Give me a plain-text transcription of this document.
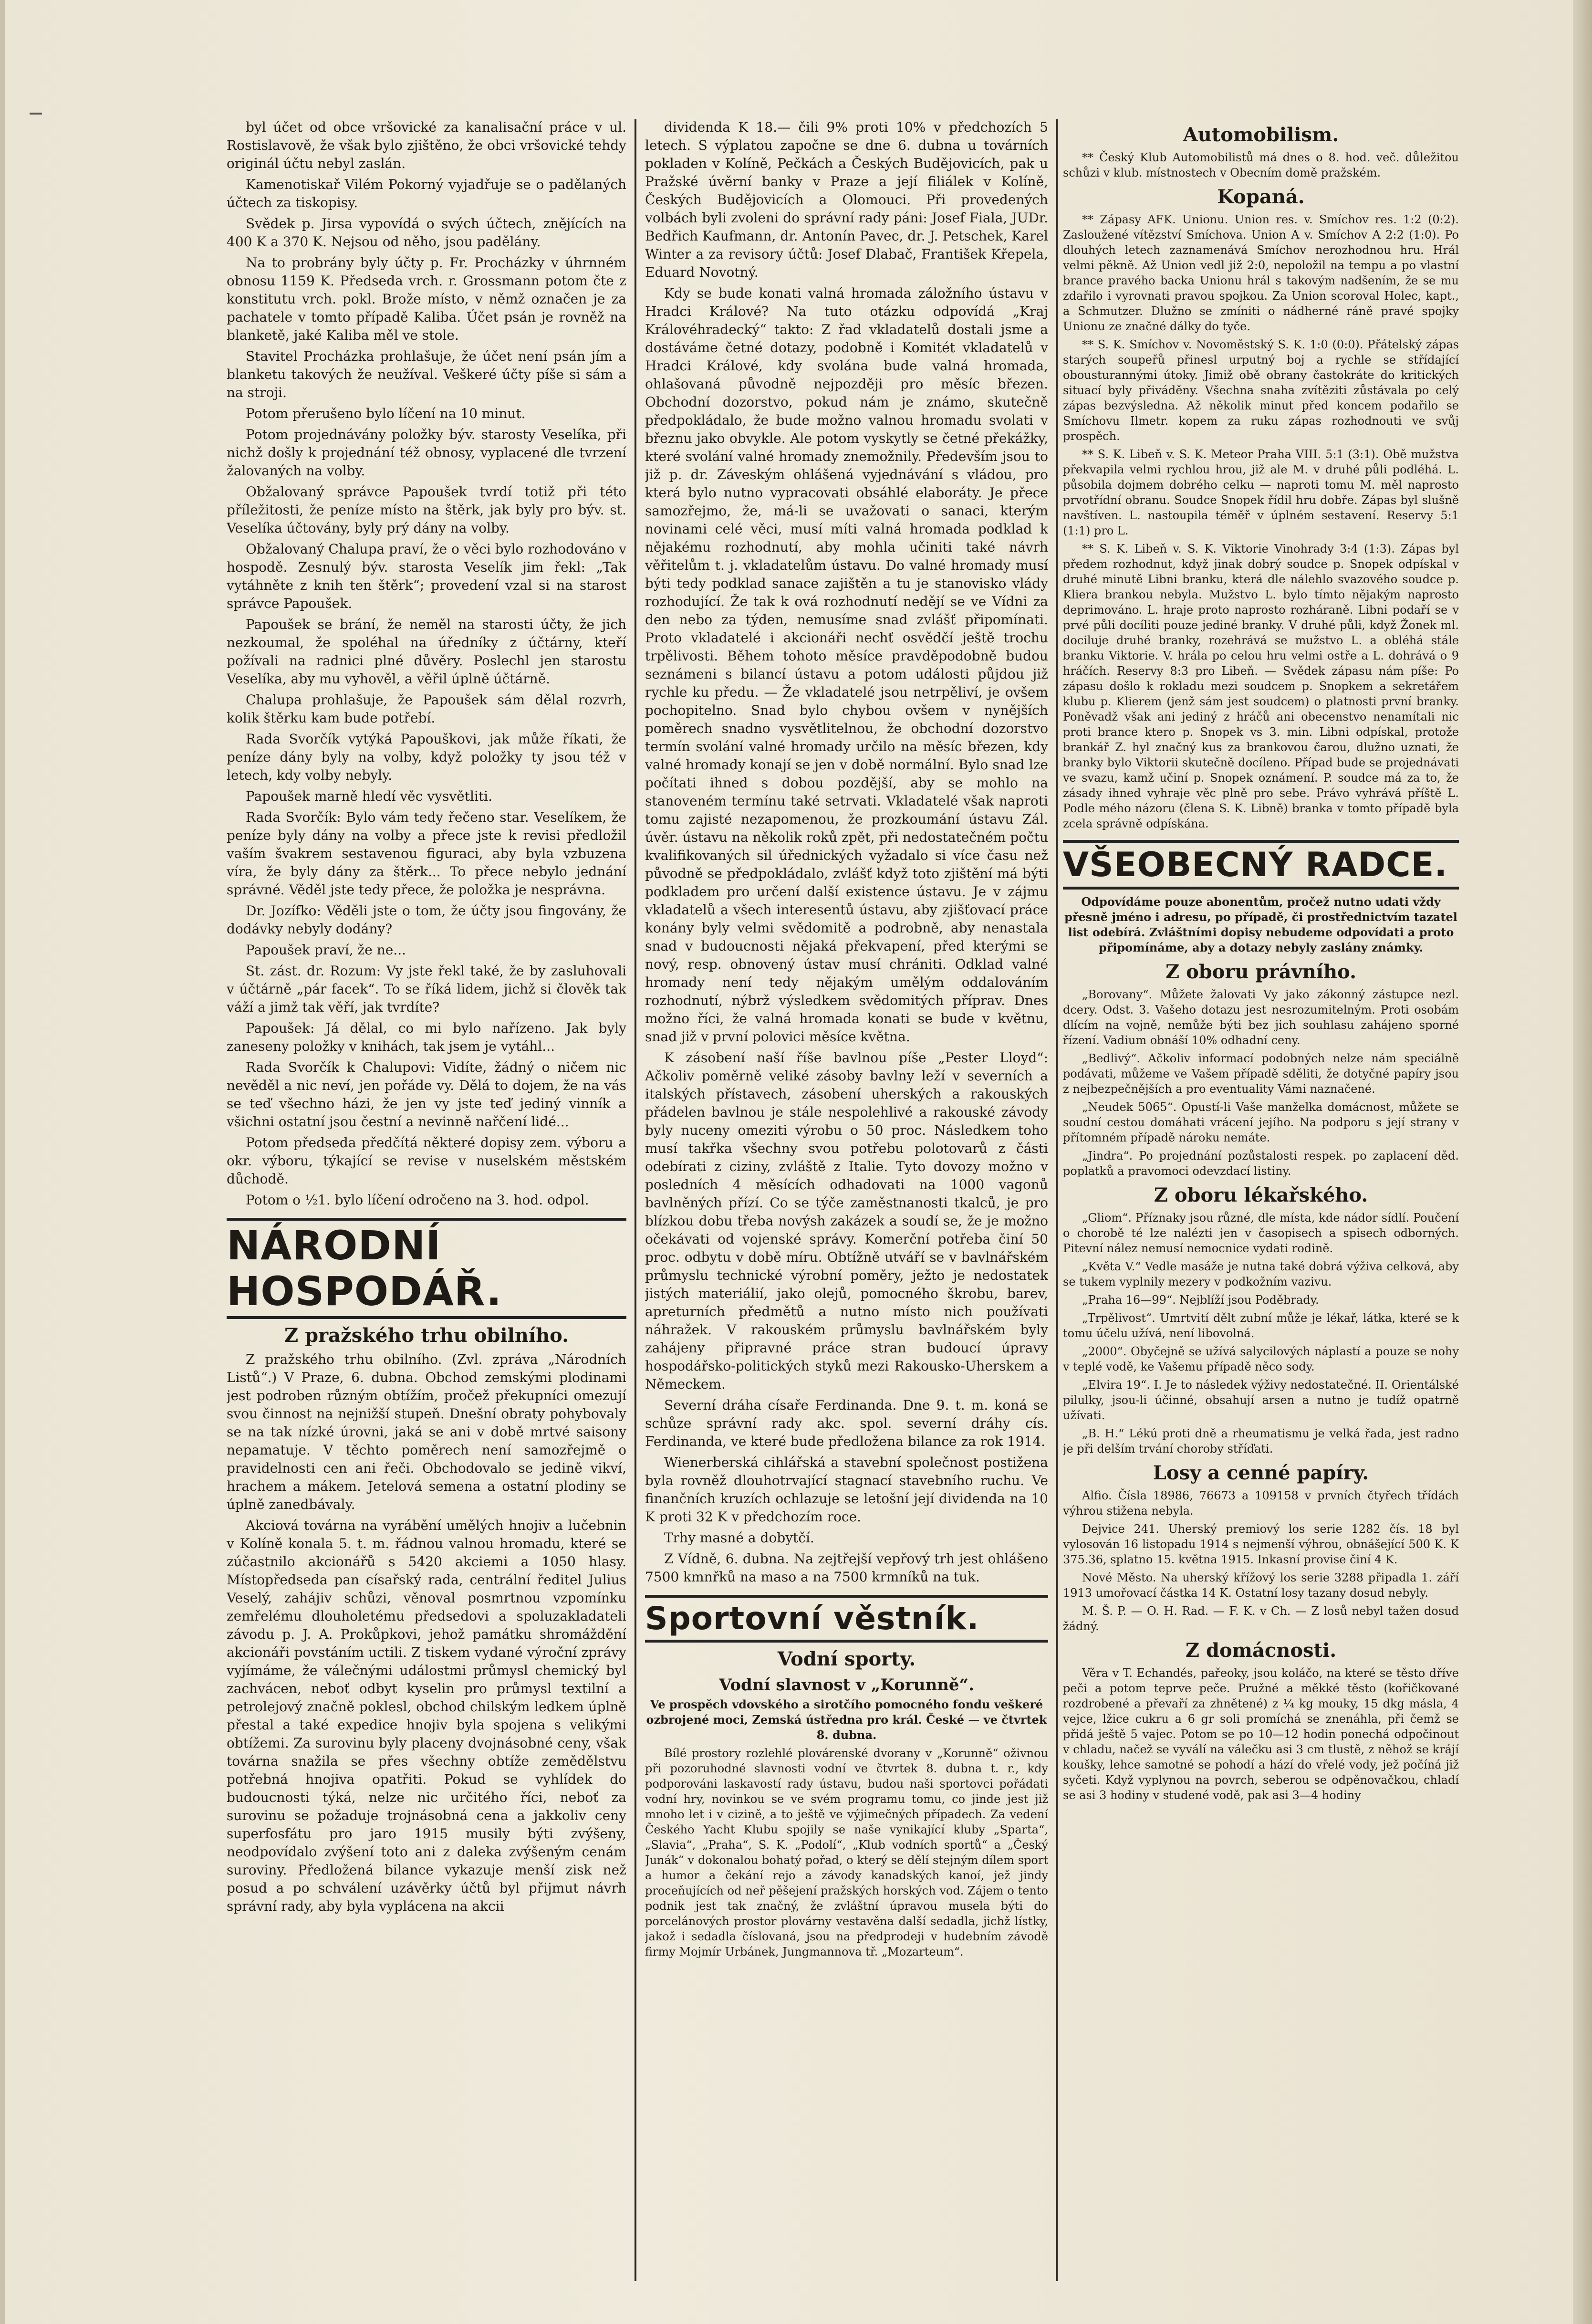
byl účet od obce vršovické za kanalisační práce v ul. Rostislavově, že však bylo zjištěno, že obci vršovické tehdy originál účtu nebyl zaslán.

Kamenotiskař Vilém Pokorný vyjadřuje se o padělaných účtech za tiskopisy.

Svědek p. Jirsa vypovídá o svých účtech, znějících na 400 K a 370 K. Nejsou od něho, jsou padělány.

Na to probrány byly účty p. Fr. Procházky v úhrnném obnosu 1159 K. Předseda vrch. r. Grossmann potom čte z konstitutu vrch. pokl. Brože místo, v němž označen je za pachatele v tomto případě Kaliba. Účet psán je rovněž na blanketě, jaké Kaliba měl ve stole.

Stavitel Procházka prohlašuje, že účet není psán jím a blanketu takových že neužíval. Veškeré účty píše si sám a na stroji.

Potom přerušeno bylo líčení na 10 minut.

Potom projednávány položky býv. starosty Veselíka, při nichž došly k projednání též obnosy, vyplacené dle tvrzení žalovaných na volby.

Obžalovaný správce Papoušek tvrdí totiž při této příležitosti, že peníze místo na štěrk, jak byly pro býv. st. Veselíka účtovány, byly prý dány na volby.

Obžalovaný Chalupa praví, že o věci bylo rozhodováno v hospodě. Zesnulý býv. starosta Veselík jim řekl: „Tak vytáhněte z knih ten štěrk“; provedení vzal si na starost správce Papoušek.

Papoušek se brání, že neměl na starosti účty, že jich nezkoumal, že spoléhal na úředníky z účtárny, kteří požívali na radnici plné důvěry. Poslechl jen starostu Veselíka, aby mu vyhověl, a věřil úplně účtárně.

Chalupa prohlašuje, že Papoušek sám dělal rozvrh, kolik štěrku kam bude potřebí.

Rada Svorčík vytýká Papouškovi, jak může říkati, že peníze dány byly na volby, když položky ty jsou též v letech, kdy volby nebyly.

Papoušek marně hledí věc vysvětliti.

Rada Svorčík: Bylo vám tedy řečeno star. Veselíkem, že peníze byly dány na volby a přece jste k revisi předložil vaším švakrem sestavenou figuraci, aby byla vzbuzena víra, že byly dány za štěrk... To přece nebylo jednání správné. Věděl jste tedy přece, že položka je nesprávna.

Dr. Jozífko: Věděli jste o tom, že účty jsou fingovány, že dodávky nebyly dodány?

Papoušek praví, že ne...

St. zást. dr. Rozum: Vy jste řekl také, že by zasluhovali v účtárně „pár facek“. To se říká lidem, jichž si člověk tak váží a jimž tak věří, jak tvrdíte?

Papoušek: Já dělal, co mi bylo nařízeno. Jak byly zaneseny položky v knihách, tak jsem je vytáhl...

Rada Svorčík k Chalupovi: Vidíte, žádný o ničem nic nevěděl a nic neví, jen pořáde vy. Dělá to dojem, že na vás se teď všechno házi, že jen vy jste teď jediný vinník a všichni ostatní jsou čestní a nevinně nařčení lidé...

Potom předseda předčítá některé dopisy zem. výboru a okr. výboru, týkající se revise v nuselském městském důchodě.

Potom o ½1. bylo líčení odročeno na 3. hod. odpol.

NÁRODNÍ HOSPODÁŘ.
Z pražského trhu obilního.

Z pražského trhu obilního. (Zvl. zpráva „Národních Listů“.) V Praze, 6. dubna. Obchod zemskými plodinami jest podroben různým obtížím, pročež překupníci omezují svou činnost na nejnižší stupeň. Dnešní obraty pohybovaly se na tak nízké úrovni, jaká se ani v době mrtvé saisony nepamatuje. V těchto poměrech není samozřejmě o pravidelnosti cen ani řeči. Obchodovalo se jedině vikví, hrachem a mákem. Jetelová semena a ostatní plodiny se úplně zanedbávaly.

Akciová továrna na vyrábění umělých hnojiv a lučebnin v Kolíně konala 5. t. m. řádnou valnou hromadu, které se zúčastnilo akcionářů s 5420 akciemi a 1050 hlasy. Místopředseda pan císařský rada, centrální ředitel Julius Veselý, zahájiv schůzi, věnoval posmrtnou vzpomínku zemřelému dlouholetému předsedovi a spoluzakladateli závodu p. J. A. Prokůpkovi, jehož památku shromáždění akcionáři povstáním uctili. Z tiskem vydané výroční zprávy vyjímáme, že válečnými událostmi průmysl chemický byl zachvácen, neboť odbyt kyselin pro průmysl textilní a petrolejový značně poklesl, obchod chilským ledkem úplně přestal a také expedice hnojiv byla spojena s velikými obtížemi. Za surovinu byly placeny dvojnásobné ceny, však továrna snažila se přes všechny obtíže zemědělstvu potřebná hnojiva opatřiti. Pokud se vyhlídek do budoucnosti týká, nelze nic určitého říci, neboť za surovinu se požaduje trojnásobná cena a jakkoliv ceny superfosfátu pro jaro 1915 musily býti zvýšeny, neodpovídalo zvýšení toto ani z daleka zvýšeným cenám suroviny. Předložená bilance vykazuje menší zisk než posud a po schválení uzávěrky účtů byl přijmut návrh správní rady, aby byla vyplácena na akcii

dividenda K 18.— čili 9% proti 10% v předchozích 5 letech. S výplatou započne se dne 6. dubna u továrních pokladen v Kolíně, Pečkách a Českých Budějovicích, pak u Pražské úvěrní banky v Praze a její filiálek v Kolíně, Českých Budějovicích a Olomouci. Při provedených volbách byli zvoleni do správní rady páni: Josef Fiala, JUDr. Bedřich Kaufmann, dr. Antonín Pavec, dr. J. Petschek, Karel Winter a za revisory účtů: Josef Dlabač, František Křepela, Eduard Novotný.

Kdy se bude konati valná hromada záložního ústavu v Hradci Králové? Na tuto otázku odpovídá „Kraj Královéhradecký“ takto: Z řad vkladatelů dostali jsme a dostáváme četné dotazy, podobně i Komitét vkladatelů v Hradci Králové, kdy svolána bude valná hromada, ohlašovaná původně nejpozději pro měsíc březen. Obchodní dozorstvo, pokud nám je známo, skutečně předpokládalo, že bude možno valnou hromadu svolati v březnu jako obvykle. Ale potom vyskytly se četné překážky, které svolání valné hromady znemožnily. Především jsou to již p. dr. Záveským ohlášená vyjednávání s vládou, pro která bylo nutno vypracovati obsáhlé elaboráty. Je přece samozřejmo, že, má-li se uvažovati o sanaci, kterým novinami celé věci, musí míti valná hromada podklad k nějakému rozhodnutí, aby mohla učiniti také návrh věřitelům t. j. vkladatelům ústavu. Do valné hromady musí býti tedy podklad sanace zajištěn a tu je stanovisko vlády rozhodující. Že tak k ová rozhodnutí nedějí se ve Vídni za den nebo za týden, nemusíme snad zvlášť připomínati. Proto vkladatelé i akcionáři nechť osvědčí ještě trochu trpělivosti. Během tohoto měsíce pravděpodobně budou seznámeni s bilancí ústavu a potom události půjdou již rychle ku předu. — Že vkladatelé jsou netrpěliví, je ovšem pochopitelno. Snad bylo chybou ovšem v nynějších poměrech snadno vysvětlitelnou, že obchodní dozorstvo termín svolání valné hromady určilo na měsíc březen, kdy valné hromady konají se jen v době normální. Bylo snad lze počítati ihned s dobou pozdější, aby se mohlo na stanoveném termínu také setrvati. Vkladatelé však naproti tomu zajisté nezapomenou, že prozkoumání ústavu Zál. úvěr. ústavu na několik roků zpět, při nedostatečném počtu kvalifikovaných sil úřednických vyžadalo si více času než původně se předpokládalo, zvlášť když toto zjištění má býti podkladem pro určení další existence ústavu. Je v zájmu vkladatelů a všech interesentů ústavu, aby zjišťovací práce konány byly velmi svědomitě a podrobně, aby nenastala snad v budoucnosti nějaká překvapení, před kterými se nový, resp. obnovený ústav musí chrániti. Odklad valné hromady není tedy nějakým umělým oddalováním rozhodnutí, nýbrž výsledkem svědomitých příprav. Dnes možno říci, že valná hromada konati se bude v květnu, snad již v první polovici měsíce května.

K zásobení naší říše bavlnou píše „Pester Lloyd“: Ačkoliv poměrně veliké zásoby bavlny leží v severních a italských přístavech, zásobení uherských a rakouských přádelen bavlnou je stále nespolehlivé a rakouské závody byly nuceny omeziti výrobu o 50 proc. Následkem toho musí takřka všechny svou potřebu polotovarů z části odebírati z ciziny, zvláště z Italie. Tyto dovozy možno v posledních 4 měsících odhadovati na 1000 vagonů bavlněných přízí. Co se týče zaměstnanosti tkalců, je pro blízkou dobu třeba novýsh zakázek a soudí se, že je možno očekávati od vojenské správy. Komerční potřeba činí 50 proc. odbytu v době míru. Obtížně utváří se v bavlnářském průmyslu technické výrobní poměry, ježto je nedostatek jistých materiálií, jako olejů, pomocného škrobu, barev, apreturních předmětů a nutno místo nich používati náhražek. V rakouském průmyslu bavlnářském byly zahájeny připravné práce stran budoucí úpravy hospodářsko-politických styků mezi Rakousko-Uherskem a Německem.

Severní dráha císaře Ferdinanda. Dne 9. t. m. koná se schůze správní rady akc. spol. severní dráhy cís. Ferdinanda, ve které bude předložena bilance za rok 1914.

Wienerberská cihlářská a stavební společnost postižena byla rovněž dlouhotrvající stagnací stavebního ruchu. Ve finančních kruzích ochlazuje se letošní její dividenda na 10 K proti 32 K v předchozím roce.

Trhy masné a dobytčí.

Z Vídně, 6. dubna. Na zejtřejší vepřový trh jest ohlášeno 7500 kmnřků na maso a na 7500 krmníků na tuk.

Sportovní věstník.
Vodní sporty.
Vodní slavnost v „Korunně“.

Ve prospěch vdovského a sirotčího pomocného fondu veškeré ozbrojené moci, Zemská ústředna pro král. České — ve čtvrtek 8. dubna.

Bílé prostory rozlehlé plovárenské dvorany v „Korunně“ oživnou při pozoruhodné slavnosti vodní ve čtvrtek 8. dubna t. r., kdy podporováni laskavostí rady ústavu, budou naši sportovci pořádati vodní hry, novinkou se ve svém programu tomu, co jinde jest již mnoho let i v cizině, a to ještě ve výjimečných případech. Za vedení Českého Yacht Klubu spojily se naše vynikající kluby „Sparta“, „Slavia“, „Praha“, S. K. „Podolí“, „Klub vodních sportů“ a „Český Junák“ v dokonalou bohatý pořad, o který se dělí stejným dílem sport a humor a čekání rejo a závody kanadských kanoí, jež jindy proceňujících od neř pěšejení pražských horských vod. Zájem o tento podnik jest tak značný, že zvláštní úpravou musela býti do porcelánových prostor plovárny vestavěna další sedadla, jichž lístky, jakož i sedadla číslovaná, jsou na předprodeji v hudebním závodě firmy Mojmír Urbánek, Jungmannova tř. „Mozarteum“.

Automobilism.

** Český Klub Automobilistů má dnes o 8. hod. več. důležitou schůzi v klub. místnostech v Obecním domě pražském.

Kopaná.

** Zápasy AFK. Unionu. Union res. v. Smíchov res. 1:2 (0:2). Zasloužené vítězství Smíchova. Union A v. Smíchov A 2:2 (1:0). Po dlouhých letech zaznamenává Smíchov nerozhodnou hru. Hrál velmi pěkně. Až Union vedl již 2:0, nepoložil na tempu a po vlastní brance pravého backa Unionu hrál s takovým nadšením, že se mu zdařilo i vyrovnati pravou spojkou. Za Union scoroval Holec, kapt., a Schmutzer. Dlužno se zmíniti o nádherné ráně pravé spojky Unionu ze značné dálky do tyče.

** S. K. Smíchov v. Novoměstský S. K. 1:0 (0:0). Přátelský zápas starých soupeřů přinesl urputný boj a rychle se střídající obousturannými útoky. Jimiž obě obrany častokráte do kritických situací byly přiváděny. Všechna snaha zvítěziti zůstávala po celý zápas bezvýsledna. Až několik minut před koncem podařilo se Smíchovu Ilmetr. kopem za ruku zápas rozhodnouti ve svůj prospěch.

** S. K. Libeň v. S. K. Meteor Praha VIII. 5:1 (3:1). Obě mužstva překvapila velmi rychlou hrou, již ale M. v druhé půli podléhá. L. působila dojmem dobrého celku — naproti tomu M. měl naprosto prvotřídní obranu. Soudce Snopek řídil hru dobře. Zápas byl slušně navštíven. L. nastoupila téměř v úplném sestavení. Reservy 5:1 (1:1) pro L.

** S. K. Libeň v. S. K. Viktorie Vinohrady 3:4 (1:3). Zápas byl předem rozhodnut, když jinak dobrý soudce p. Snopek odpískal v druhé minutě Libni branku, která dle nálehlo svazového soudce p. Kliera brankou nebyla. Mužstvo L. bylo tímto nějakým naprosto deprimováno. L. hraje proto naprosto rozháraně. Libni podaří se v prvé půli docíliti pouze jediné branky. V druhé půli, když Žonek ml. dociluje druhé branky, rozehrává se mužstvo L. a obléhá stále branku Viktorie. V. hrála po celou hru velmi ostře a L. dohrává o 9 hráčích. Reservy 8:3 pro Libeň. — Svědek zápasu nám píše: Po zápasu došlo k rokladu mezi soudcem p. Snopkem a sekretářem klubu p. Klierem (jenž sám jest soudcem) o platnosti první branky. Poněvadž však ani jediný z hráčů ani obecenstvo nenamítali nic proti brance ktero p. Snopek vs 3. min. Libni odpískal, protože brankář Z. hyl značný kus za brankovou čarou, dlužno uznati, že branky bylo Viktorii skutečně docíleno. Případ bude se projednávati ve svazu, kamž učiní p. Snopek oznámení. P. soudce má za to, že zásady ihned vyhraje věc plně pro sebe. Právo vyhrává příště L. Podle mého názoru (člena S. K. Libně) branka v tomto případě byla zcela správně odpískána.

VŠEOBECNÝ RADCE.

Odpovídáme pouze abonentům, pročež nutno udati vždy přesně jméno i adresu, po případě, či prostřednictvím tazatel list odebírá. Zvláštními dopisy nebudeme odpovídati a proto připomínáme, aby a dotazy nebyly zaslány známky.

Z oboru právního.

„Borovany“. Můžete žalovati Vy jako zákonný zástupce nezl. dcery. Odst. 3. Vašeho dotazu jest nesrozumitelným. Proti osobám dlícím na vojně, nemůže býti bez jich souhlasu zahájeno sporné řízení. Vadium obnáší 10% odhadní ceny.

„Bedlivý“. Ačkoliv informací podobných nelze nám speciálně podávati, můžeme ve Vašem případě sděliti, že dotyčné papíry jsou z nejbezpečnějších a pro eventuality Vámi naznačené.

„Neudek 5065“. Opustí-li Vaše manželka domácnost, můžete se soudní cestou domáhati vrácení jejího. Na podporu s její strany v přítomném případě nároku nemáte.

„Jindra“. Po projednání pozůstalosti respek. po zaplacení děd. poplatků a pravomoci odevzdací listiny.

Z oboru lékařského.

„Gliom“. Příznaky jsou různé, dle místa, kde nádor sídlí. Poučení o chorobě té lze nalézti jen v časopisech a spisech odborných. Pitevní nález nemusí nemocnice vydati rodině.

„Květa V.“ Vedle masáže je nutna také dobrá výživa celková, aby se tukem vyplnily mezery v podkožním vazivu.

„Praha 16—99“. Nejblíží jsou Poděbrady.

„Trpělivost“. Umrtvití dělt zubní může je lékař, látka, které se k tomu účelu užívá, není libovolná.

„2000“. Obyčejně se užívá salycilových náplastí a pouze se nohy v teplé vodě, ke Vašemu případě něco sody.

„Elvira 19“. I. Je to následek výživy nedostatečné. II. Orientálské pilulky, jsou-li účinné, obsahují arsen a nutno je tudíž opatrně užívati.

„B. H.“ Lékú proti dně a rheumatismu je velká řada, jest radno je při delším trvání choroby stříďati.

Losy a cenné papíry.

Alfio. Čísla 18986, 76673 a 109158 v prvních čtyřech třídách výhrou stižena nebyla.

Dejvice 241. Uherský premiový los serie 1282 čís. 18 byl vylosován 16 listopadu 1914 s nejmenší výhrou, obnášející 500 K. K 375.36, splatno 15. května 1915. Inkasní provise činí 4 K.

Nové Město. Na uherský křížový los serie 3288 připadla 1. září 1913 umořovací částka 14 K. Ostatní losy tazany dosud nebyly.

M. Š. P. — O. H. Rad. — F. K. v Ch. — Z losů nebyl tažen dosud žádný.

Z domácnosti.

Věra v T. Echandés, pařeoky, jsou koláčo, na které se těsto dříve peči a potom teprve peče. Pružné a měkké těsto (kořičkované rozdrobené a převaří za zhnětené) z ¼ kg mouky, 15 dkg másla, 4 vejce, lžice cukru a 6 gr soli promíchá se znenáhla, při čemž se přidá ještě 5 vajec. Potom se po 10—12 hodin ponechá odpočinout v chladu, načež se vyválí na válečku asi 3 cm tlustě, z něhož se krájí koušky, lehce samotné se pohodí a hází do vřelé vody, jež počíná již syčeti. Když vyplynou na povrch, seberou se odpěnovačkou, chladí se asi 3 hodiny v studené vodě, pak asi 3—4 hodiny
